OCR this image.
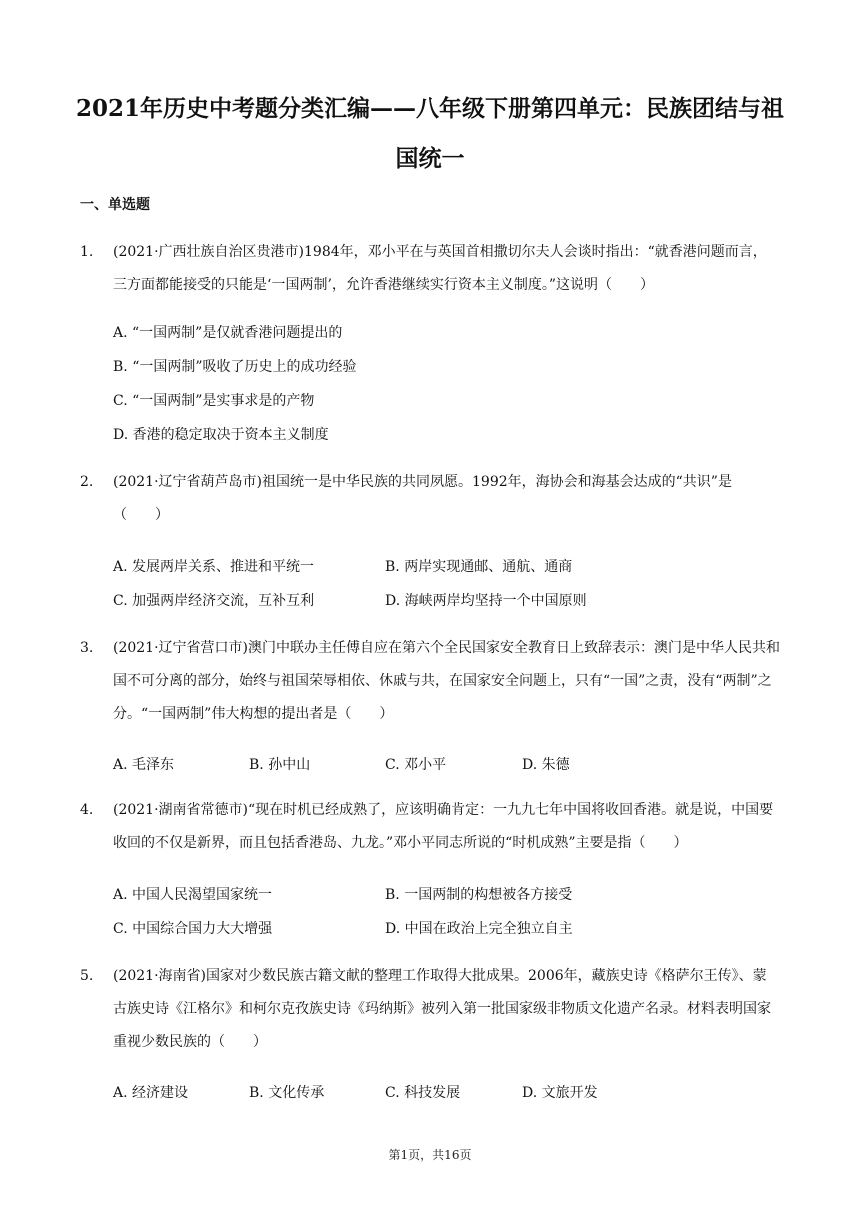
2021年历史中考题分类汇编——八年级下册第四单元：民族团结与祖
国统一
一、单选题
1. (2021·广西壮族自治区贵港市)1984年，邓小平在与英国首相撒切尔夫人会谈时指出：“就香港问题而言，三方面都能接受的只能是‘一国两制’，允许香港继续实行资本主义制度。”这说明（　　）
A. “一国两制”是仅就香港问题提出的
B. “一国两制”吸收了历史上的成功经验
C. “一国两制”是实事求是的产物
D. 香港的稳定取决于资本主义制度
2. (2021·辽宁省葫芦岛市)祖国统一是中华民族的共同夙愿。1992年，海协会和海基会达成的“共识”是（　　）
A. 发展两岸关系、推进和平统一	B. 两岸实现通邮、通航、通商
C. 加强两岸经济交流，互补互利	D. 海峡两岸均坚持一个中国原则
3. (2021·辽宁省营口市)澳门中联办主任傅自应在第六个全民国家安全教育日上致辞表示：澳门是中华人民共和国不可分离的部分，始终与祖国荣辱相依、休戚与共，在国家安全问题上，只有“一国”之责，没有“两制”之分。“一国两制”伟大构想的提出者是（　　）
A. 毛泽东	B. 孙中山	C. 邓小平	D. 朱德
4. (2021·湖南省常德市)“现在时机已经成熟了，应该明确肯定：一九九七年中国将收回香港。就是说，中国要收回的不仅是新界，而且包括香港岛、九龙。”邓小平同志所说的“时机成熟”主要是指（　　）
A. 中国人民渴望国家统一	B. 一国两制的构想被各方接受
C. 中国综合国力大大增强	D. 中国在政治上完全独立自主
5. (2021·海南省)国家对少数民族古籍文献的整理工作取得大批成果。2006年，藏族史诗《格萨尔王传》、蒙古族史诗《江格尔》和柯尔克孜族史诗《玛纳斯》被列入第一批国家级非物质文化遗产名录。材料表明国家重视少数民族的（　　）
A. 经济建设	B. 文化传承	C. 科技发展	D. 文旅开发
第1页，共16页
